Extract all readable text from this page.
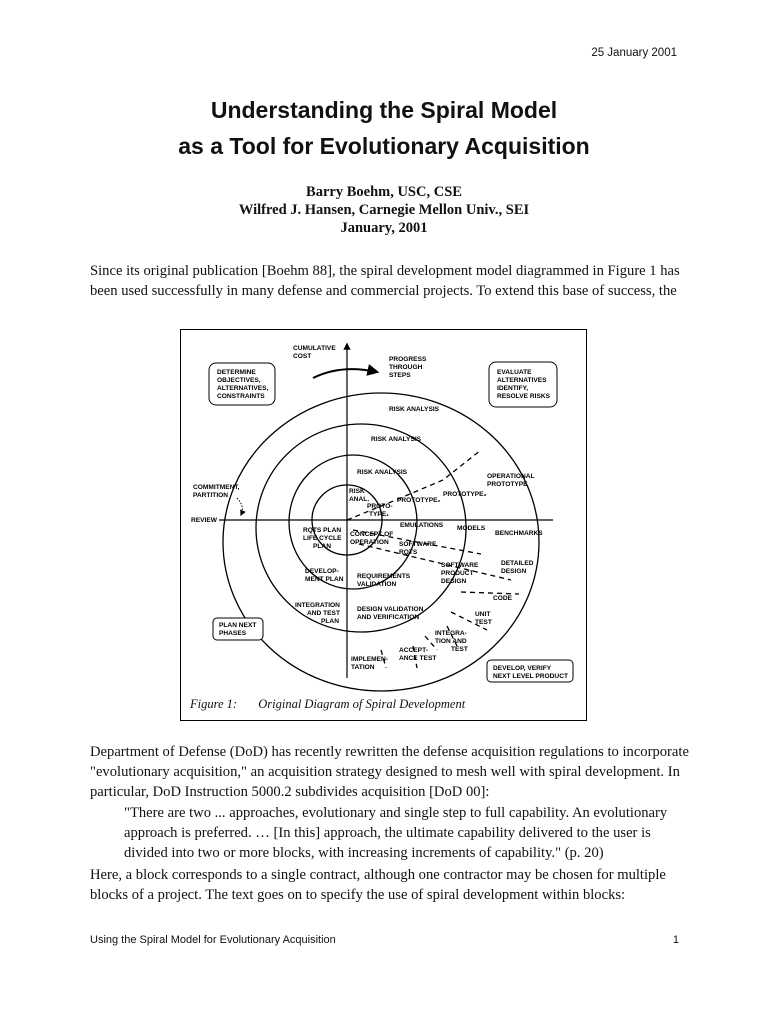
25 January 2001
Understanding the Spiral Model
as a Tool for Evolutionary Acquisition
Barry Boehm, USC, CSE
Wilfred J. Hansen, Carnegie Mellon Univ., SEI
January, 2001
Since its original publication [Boehm 88], the spiral development model diagrammed in Figure 1 has been used successfully in many defense and commercial projects. To extend this base of success, the
CUMULATIVE
COST	PROGRESS
THROUGH
STEPS
DETERMINE
OBJECTIVES,
ALTERNATIVES,
CONSTRAINTS
EVALUATE
ALTERNATIVES
IDENTIFY,
RESOLVE RISKS
RISK ANALYSIS
RISK ANALYSIS
RISK ANALYSIS
RISK
ANAL.
PROTO-
TYPE₁
PROTOTYPE₂
PROTOTYPE₃
OPERATIONAL
PROTOTYPE
COMMITMENT,
PARTITION
REVIEW
RQTS PLAN
LIFE CYCLE
PLAN
CONCEPT OF
OPERATION
EMULATIONS MODELS
BENCHMARKS
SOFTWARE
RQTS
DEVELOP-
MENT PLAN REQUIREMENTS
VALIDATION
SOFTWARE
PRODUCT
DESIGN
DETAILED
DESIGN
CODE
INTEGRATION
AND TEST
PLAN
DESIGN VALIDATION
AND VERIFICATION	UNIT
TEST
INTEGRA-
TION AND
TEST
ACCEPT-
ANCE TEST
IMPLEMEN-
TATION
PLAN NEXT
PHASES
DEVELOP, VERIFY
NEXT LEVEL PRODUCT
Figure 1: Original Diagram of Spiral Development
Department of Defense (DoD) has recently rewritten the defense acquisition regulations to incorporate "evolutionary acquisition," an acquisition strategy designed to mesh well with spiral development. In particular, DoD Instruction 5000.2 subdivides acquisition [DoD 00]:
"There are two ... approaches, evolutionary and single step to full capability. An evolutionary approach is preferred. … [In this] approach, the ultimate capability delivered to the user is divided into two or more blocks, with increasing increments of capability." (p. 20)
Here, a block corresponds to a single contract, although one contractor may be chosen for multiple blocks of a project. The text goes on to specify the use of spiral development within blocks:
Using the Spiral Model for Evolutionary Acquisition	1
